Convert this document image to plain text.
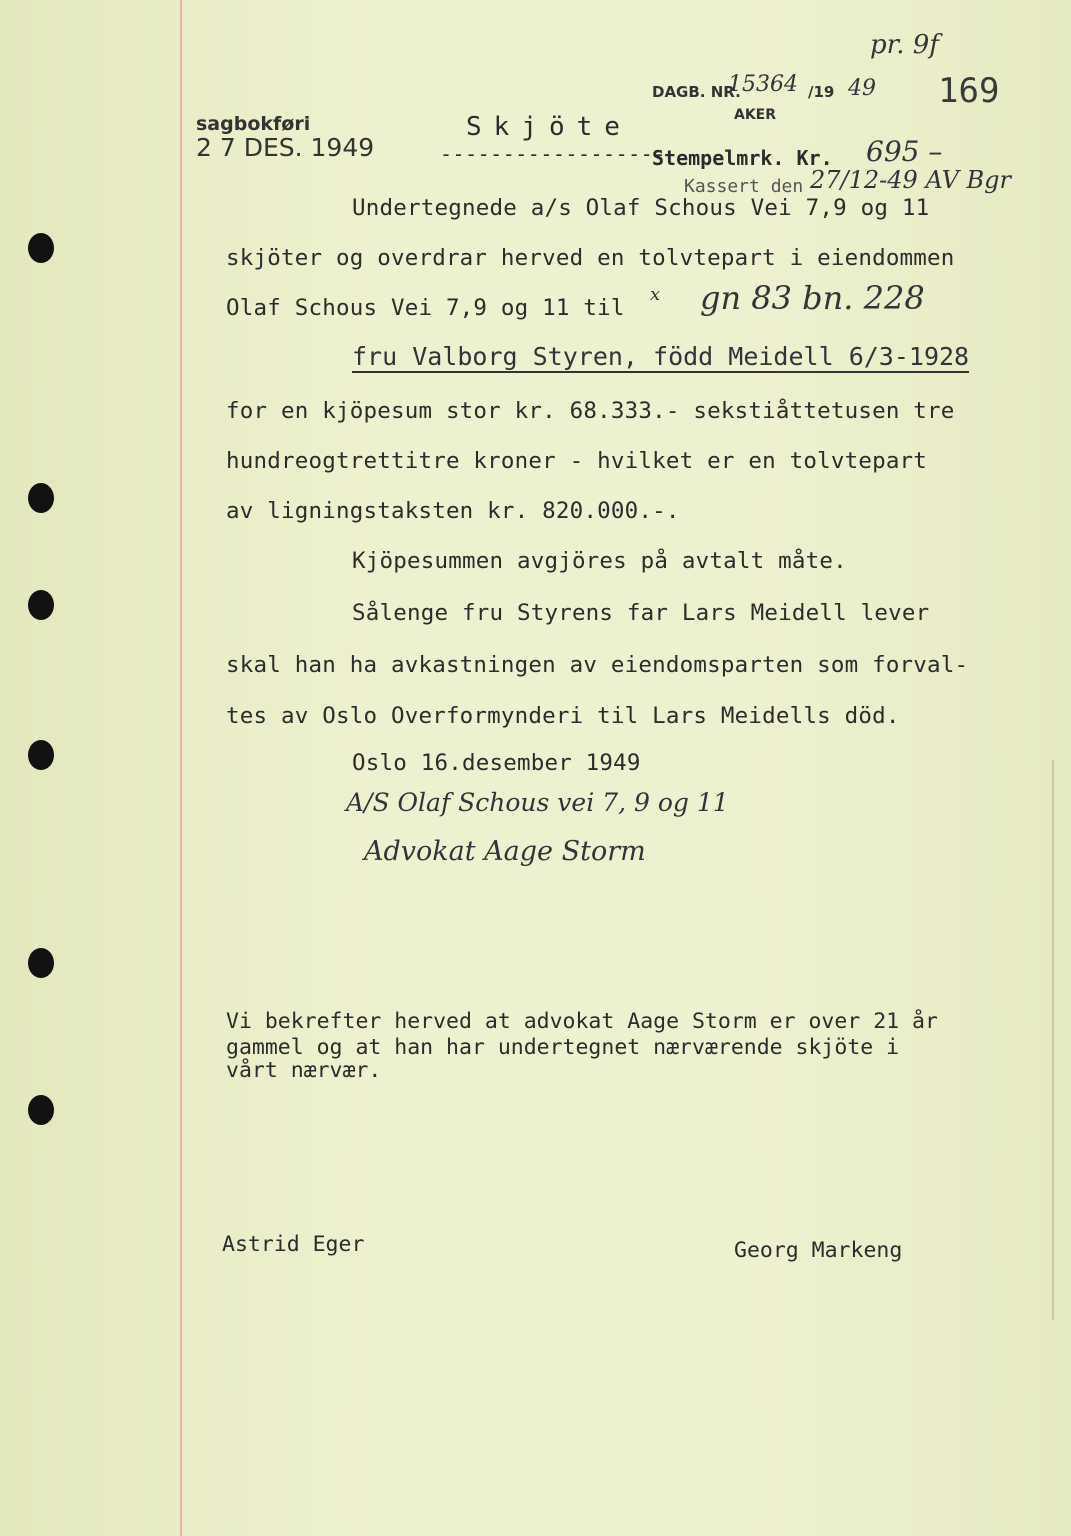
sagbokføri
2 7 DES. 1949
DAGB. NR.
15364 /19 49
AKER
pr. 9f
169
Skjöte
------------------
Stempelmrk. Kr. 695 –
Kassert den 27/12-49 AV Bgr
Undertegnede a/s Olaf Schous Vei 7,9 og 11
skjöter og overdrar herved en tolvtepart i eiendommen
Olaf Schous Vei 7,9 og 11 til
x gn 83 bn. 228
fru Valborg Styren, född Meidell 6/3-1928
for en kjöpesum stor kr. 68.333.- sekstiåttetusen tre
hundreogtrettitre kroner - hvilket er en tolvtepart
av ligningstaksten kr. 820.000.-.
Kjöpesummen avgjöres på avtalt måte.
Sålenge fru Styrens far Lars Meidell lever
skal han ha avkastningen av eiendomsparten som forval-
tes av Oslo Overformynderi til Lars Meidells död.
Oslo 16.desember 1949
A/S Olaf Schous vei 7, 9 og 11
Advokat Aage Storm
Vi bekrefter herved at advokat Aage Storm er over 21 år
gammel og at han har undertegnet nærværende skjöte i
vårt nærvær.
Astrid Eger	Georg Markeng
